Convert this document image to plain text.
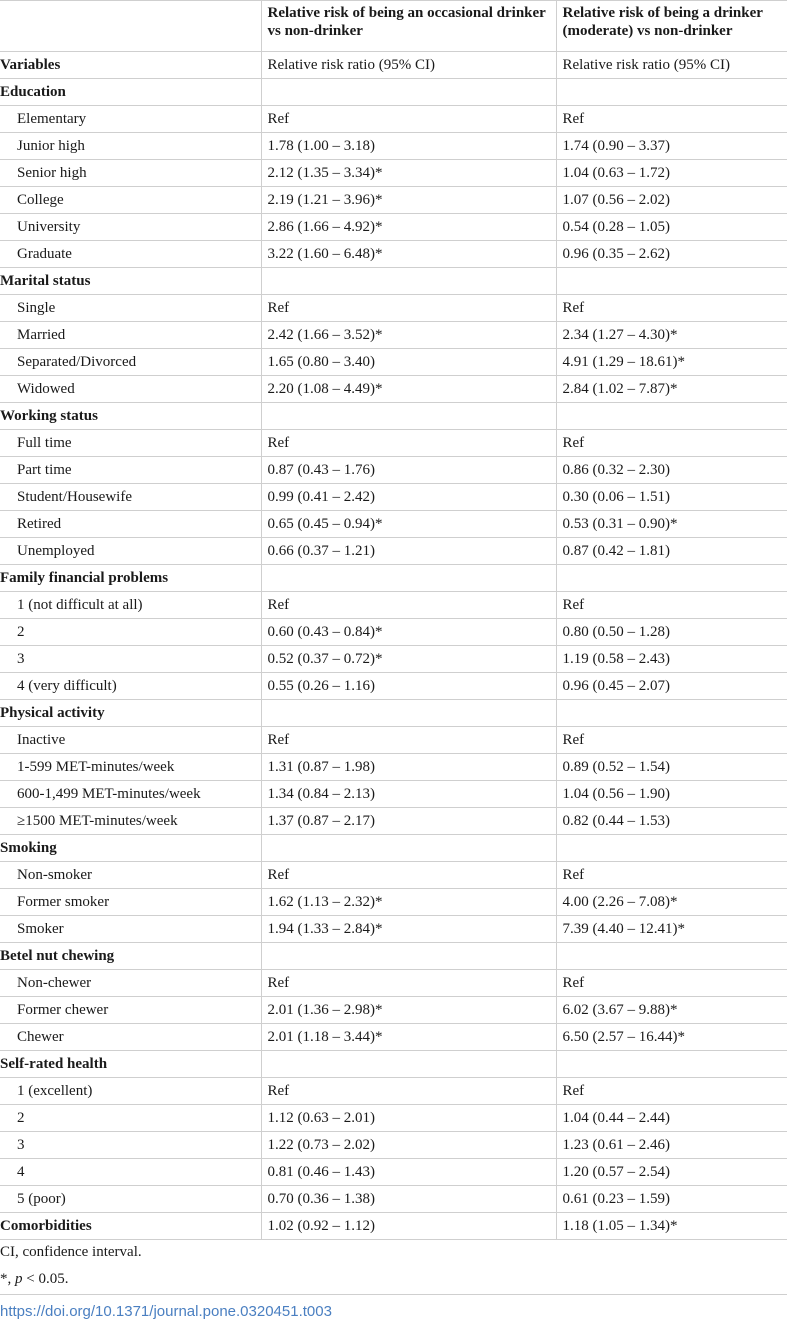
	Relative risk of being an occasional drinker vs non-drinker	Relative risk of being a drinker (moderate) vs non-drinker
Variables	Relative risk ratio (95% CI)	Relative risk ratio (95% CI)
Education		
Elementary	Ref	Ref
Junior high	1.78 (1.00 – 3.18)	1.74 (0.90 – 3.37)
Senior high	2.12 (1.35 – 3.34)*	1.04 (0.63 – 1.72)
College	2.19 (1.21 – 3.96)*	1.07 (0.56 – 2.02)
University	2.86 (1.66 – 4.92)*	0.54 (0.28 – 1.05)
Graduate	3.22 (1.60 – 6.48)*	0.96 (0.35 – 2.62)
Marital status		
Single	Ref	Ref
Married	2.42 (1.66 – 3.52)*	2.34 (1.27 – 4.30)*
Separated/Divorced	1.65 (0.80 – 3.40)	4.91 (1.29 – 18.61)*
Widowed	2.20 (1.08 – 4.49)*	2.84 (1.02 – 7.87)*
Working status		
Full time	Ref	Ref
Part time	0.87 (0.43 – 1.76)	0.86 (0.32 – 2.30)
Student/Housewife	0.99 (0.41 – 2.42)	0.30 (0.06 – 1.51)
Retired	0.65 (0.45 – 0.94)*	0.53 (0.31 – 0.90)*
Unemployed	0.66 (0.37 – 1.21)	0.87 (0.42 – 1.81)
Family financial problems		
1 (not difficult at all)	Ref	Ref
2	0.60 (0.43 – 0.84)*	0.80 (0.50 – 1.28)
3	0.52 (0.37 – 0.72)*	1.19 (0.58 – 2.43)
4 (very difficult)	0.55 (0.26 – 1.16)	0.96 (0.45 – 2.07)
Physical activity		
Inactive	Ref	Ref
1-599 MET-minutes/week	1.31 (0.87 – 1.98)	0.89 (0.52 – 1.54)
600-1,499 MET-minutes/week	1.34 (0.84 – 2.13)	1.04 (0.56 – 1.90)
≥1500 MET-minutes/week	1.37 (0.87 – 2.17)	0.82 (0.44 – 1.53)
Smoking		
Non-smoker	Ref	Ref
Former smoker	1.62 (1.13 – 2.32)*	4.00 (2.26 – 7.08)*
Smoker	1.94 (1.33 – 2.84)*	7.39 (4.40 – 12.41)*
Betel nut chewing		
Non-chewer	Ref	Ref
Former chewer	2.01 (1.36 – 2.98)*	6.02 (3.67 – 9.88)*
Chewer	2.01 (1.18 – 3.44)*	6.50 (2.57 – 16.44)*
Self-rated health		
1 (excellent)	Ref	Ref
2	1.12 (0.63 – 2.01)	1.04 (0.44 – 2.44)
3	1.22 (0.73 – 2.02)	1.23 (0.61 – 2.46)
4	0.81 (0.46 – 1.43)	1.20 (0.57 – 2.54)
5 (poor)	0.70 (0.36 – 1.38)	0.61 (0.23 – 1.59)
Comorbidities	1.02 (0.92 – 1.12)	1.18 (1.05 – 1.34)*
CI, confidence interval.
*, p < 0.05.
https://doi.org/10.1371/journal.pone.0320451.t003
